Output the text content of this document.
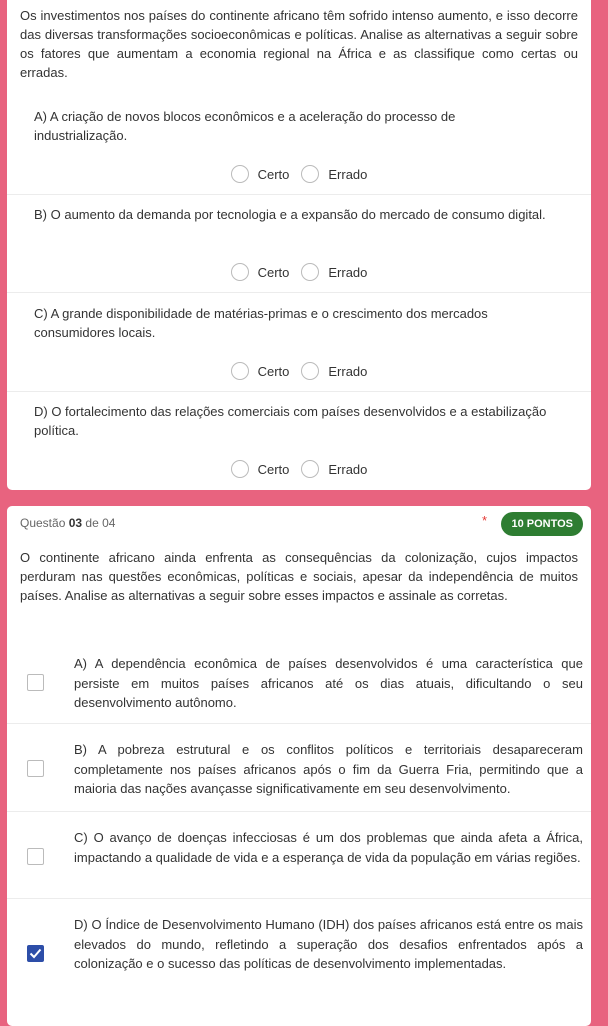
Os investimentos nos países do continente africano têm sofrido intenso aumento, e isso decorre das diversas transformações socioeconômicas e políticas. Analise as alternativas a seguir sobre os fatores que aumentam a economia regional na África e as classifique como certas ou erradas.
A) A criação de novos blocos econômicos e a aceleração do processo de industrialização.
Certo	Errado
B) O aumento da demanda por tecnologia e a expansão do mercado de consumo digital.
Certo	Errado
C) A grande disponibilidade de matérias-primas e o crescimento dos mercados consumidores locais.
Certo	Errado
D) O fortalecimento das relações comerciais com países desenvolvidos e a estabilização política.
Certo	Errado
Questão 03 de 04	*	10 PONTOS
O continente africano ainda enfrenta as consequências da colonização, cujos impactos perduram nas questões econômicas, políticas e sociais, apesar da independência de muitos países. Analise as alternativas a seguir sobre esses impactos e assinale as corretas.
A) A dependência econômica de países desenvolvidos é uma característica que persiste em muitos países africanos até os dias atuais, dificultando o seu desenvolvimento autônomo.
B) A pobreza estrutural e os conflitos políticos e territoriais desapareceram completamente nos países africanos após o fim da Guerra Fria, permitindo que a maioria das nações avançasse significativamente em seu desenvolvimento.
C) O avanço de doenças infecciosas é um dos problemas que ainda afeta a África, impactando a qualidade de vida e a esperança de vida da população em várias regiões.
D) O Índice de Desenvolvimento Humano (IDH) dos países africanos está entre os mais elevados do mundo, refletindo a superação dos desafios enfrentados após a colonização e o sucesso das políticas de desenvolvimento implementadas.
